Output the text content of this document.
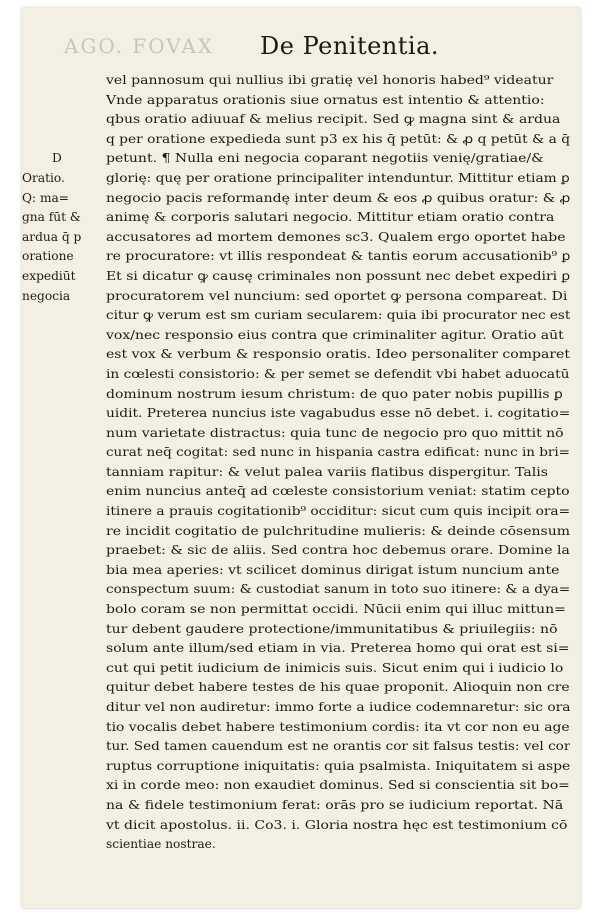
AGO. FOVAX De Penitentia.
D
Oratio.
Q: ma=
gna fūt &
ardua q̄ p
oratione
expediūt
negocia
vel pannosum qui nullius ibi gratię vel honoris habed⁹ videatur
Vnde apparatus orationis siue ornatus est intentio & attentio:
qbus oratio adiuuaf & melius recipit. Sed ꝙ magna sint & ardua
q per oratione expedieda sunt p3 ex his q̄ petūt: & ꝓ q petūt & a q̄
petunt. ¶ Nulla eni negocia coparant negotiis venię/gratiae/&
glorię: quę per oratione principaliter intenduntur. Mittitur etiam ꝑ
negocio pacis reformandę inter deum & eos ꝓ quibus oratur: & ꝓ
animę & corporis salutari negocio. Mittitur etiam oratio contra
accusatores ad mortem demones sc3. Qualem ergo oportet habe
re procuratore: vt illis respondeat & tantis eorum accusationib⁹ ꝑ
Et si dicatur ꝙ causę criminales non possunt nec debet expediri ꝑ
procuratorem vel nuncium: sed oportet ꝙ persona compareat. Di
citur ꝙ verum est sm curiam secularem: quia ibi procurator nec est
vox/nec responsio eius contra que criminaliter agitur. Oratio aūt
est vox & verbum & responsio oratis. Ideo personaliter comparet
in cœlesti consistorio: & per semet se defendit vbi habet aduocatū
dominum nostrum iesum christum: de quo pater nobis pupillis ꝑ
uidit. Preterea nuncius iste vagabudus esse nō debet. i. cogitatio=
num varietate distractus: quia tunc de negocio pro quo mittit nō
curat neq̄ cogitat: sed nunc in hispania castra edificat: nunc in bri=
tanniam rapitur: & velut palea variis flatibus dispergitur. Talis
enim nuncius anteq̄ ad cœleste consistorium veniat: statim cepto
itinere a prauis cogitationib⁹ occiditur: sicut cum quis incipit ora=
re incidit cogitatio de pulchritudine mulieris: & deinde cōsensum
praebet: & sic de aliis. Sed contra hoc debemus orare. Domine la
bia mea aperies: vt scilicet dominus dirigat istum nuncium ante
conspectum suum: & custodiat sanum in toto suo itinere: & a dya=
bolo coram se non permittat occidi. Nūcii enim qui illuc mittun=
tur debent gaudere protectione/immunitatibus & priuilegiis: nō
solum ante illum/sed etiam in via. Preterea homo qui orat est si=
cut qui petit iudicium de inimicis suis. Sicut enim qui i iudicio lo
quitur debet habere testes de his quae proponit. Alioquin non cre
ditur vel non audiretur: immo forte a iudice codemnaretur: sic ora
tio vocalis debet habere testimonium cordis: ita vt cor non eu age
tur. Sed tamen cauendum est ne orantis cor sit falsus testis: vel cor
ruptus corruptione iniquitatis: quia psalmista. Iniquitatem si aspe
xi in corde meo: non exaudiet dominus. Sed si conscientia sit bo=
na & fidele testimonium ferat: orās pro se iudicium reportat. Nā
vt dicit apostolus. ii. Co3. i. Gloria nostra hęc est testimonium cō
scientiae nostrae.
